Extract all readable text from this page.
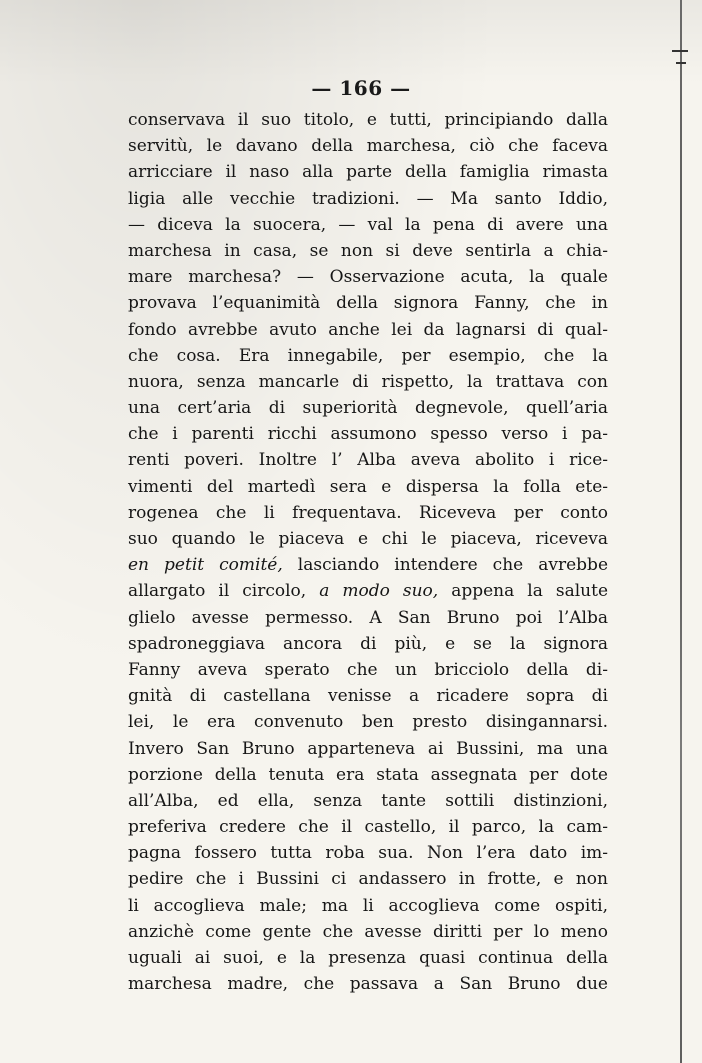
— 166 —
conservava il suo titolo, e tutti, principiando dalla
servitù, le davano della marchesa, ciò che faceva
arricciare il naso alla parte della famiglia rimasta
ligia alle vecchie tradizioni. — Ma santo Iddio,
— diceva la suocera, — val la pena di avere una
marchesa in casa, se non si deve sentirla a chia-
mare marchesa? — Osservazione acuta, la quale
provava l’equanimità della signora Fanny, che in
fondo avrebbe avuto anche lei da lagnarsi di qual-
che cosa. Era innegabile, per esempio, che la
nuora, senza mancarle di rispetto, la trattava con
una cert’aria di superiorità degnevole, quell’aria
che i parenti ricchi assumono spesso verso i pa-
renti poveri. Inoltre l’ Alba aveva abolito i rice-
vimenti del martedì sera e dispersa la folla ete-
rogenea che li frequentava. Riceveva per conto
suo quando le piaceva e chi le piaceva, riceveva
en petit comité, lasciando intendere che avrebbe
allargato il circolo, a modo suo, appena la salute
glielo avesse permesso. A San Bruno poi l’Alba
spadroneggiava ancora di più, e se la signora
Fanny aveva sperato che un bricciolo della di-
gnità di castellana venisse a ricadere sopra di
lei, le era convenuto ben presto disingannarsi.
Invero San Bruno apparteneva ai Bussini, ma una
porzione della tenuta era stata assegnata per dote
all’Alba, ed ella, senza tante sottili distinzioni,
preferiva credere che il castello, il parco, la cam-
pagna fossero tutta roba sua. Non l’era dato im-
pedire che i Bussini ci andassero in frotte, e non
li accoglieva male; ma li accoglieva come ospiti,
anzichè come gente che avesse diritti per lo meno
uguali ai suoi, e la presenza quasi continua della
marchesa madre, che passava a San Bruno due
